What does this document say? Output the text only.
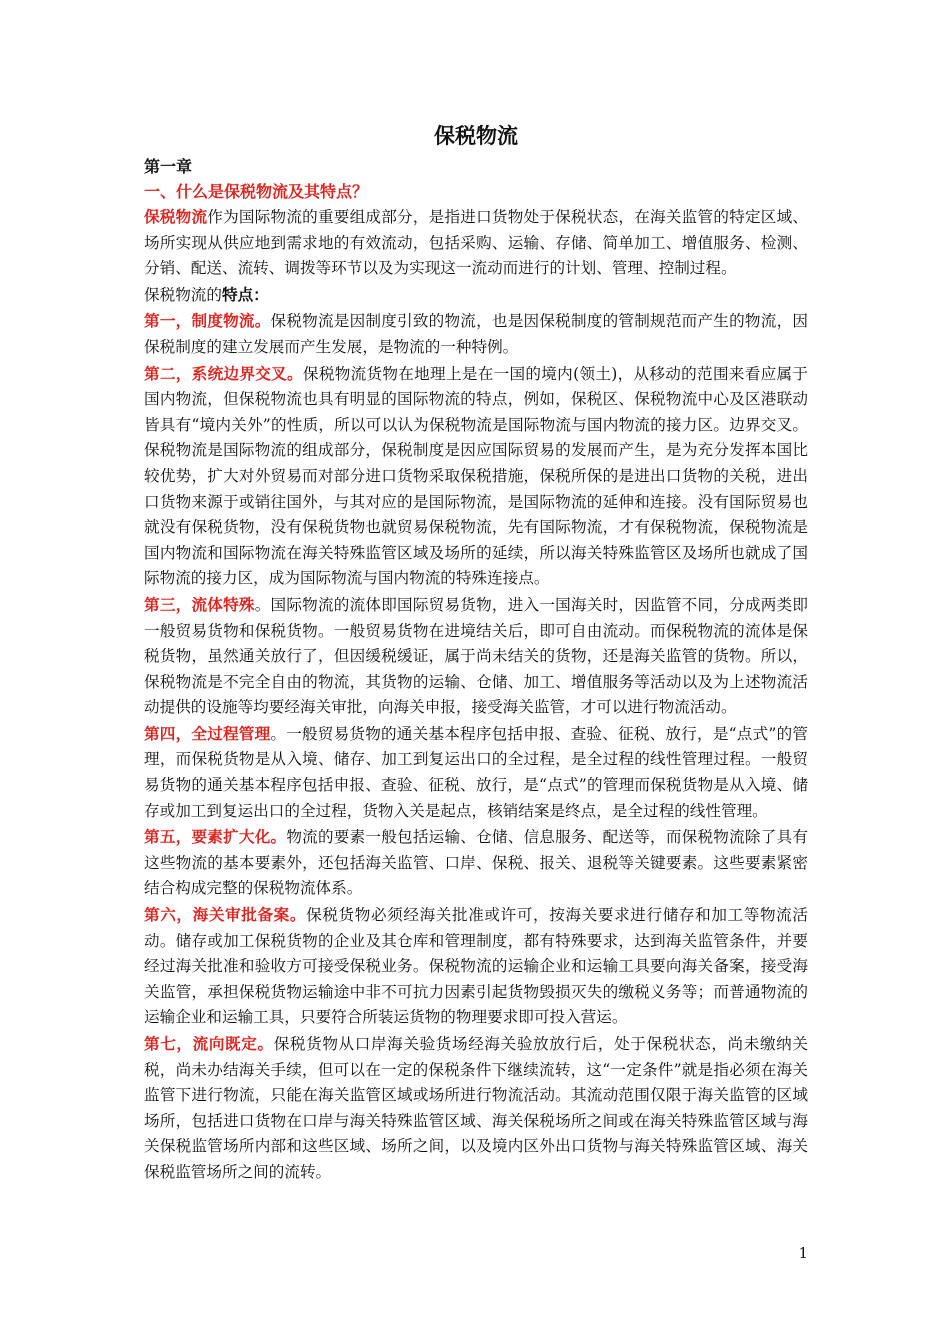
保税物流
第一章
一、什么是保税物流及其特点？

保税物流作为国际物流的重要组成部分，是指进口货物处于保税状态，在海关监管的特定区域、场所实现从供应地到需求地的有效流动，包括采购、运输、存储、简单加工、增值服务、检测、分销、配送、流转、调拨等环节以及为实现这一流动而进行的计划、管理、控制过程。

保税物流的特点：

第一，制度物流。保税物流是因制度引致的物流，也是因保税制度的管制规范而产生的物流，因保税制度的建立发展而产生发展，是物流的一种特例。

第二，系统边界交叉。保税物流货物在地理上是在一国的境内(领土)，从移动的范围来看应属于国内物流，但保税物流也具有明显的国际物流的特点，例如，保税区、保税物流中心及区港联动皆具有“境内关外”的性质，所以可以认为保税物流是国际物流与国内物流的接力区。边界交叉。保税物流是国际物流的组成部分，保税制度是因应国际贸易的发展而产生，是为充分发挥本国比较优势，扩大对外贸易而对部分进口货物采取保税措施，保税所保的是进出口货物的关税，进出口货物来源于或销往国外，与其对应的是国际物流，是国际物流的延伸和连接。没有国际贸易也就没有保税货物，没有保税货物也就贸易保税物流，先有国际物流，才有保税物流，保税物流是国内物流和国际物流在海关特殊监管区域及场所的延续，所以海关特殊监管区及场所也就成了国际物流的接力区，成为国际物流与国内物流的特殊连接点。

第三，流体特殊。国际物流的流体即国际贸易货物，进入一国海关时，因监管不同，分成两类即一般贸易货物和保税货物。一般贸易货物在进境结关后，即可自由流动。而保税物流的流体是保税货物，虽然通关放行了，但因缓税缓证，属于尚未结关的货物，还是海关监管的货物。所以，保税物流是不完全自由的物流，其货物的运输、仓储、加工、增值服务等活动以及为上述物流活动提供的设施等均要经海关审批，向海关申报，接受海关监管，才可以进行物流活动。

第四，全过程管理。一般贸易货物的通关基本程序包括申报、查验、征税、放行，是“点式”的管理，而保税货物是从入境、储存、加工到复运出口的全过程，是全过程的线性管理过程。一般贸易货物的通关基本程序包括申报、查验、征税、放行，是“点式”的管理而保税货物是从入境、储存或加工到复运出口的全过程，货物入关是起点，核销结案是终点，是全过程的线性管理。

第五，要素扩大化。物流的要素一般包括运输、仓储、信息服务、配送等，而保税物流除了具有这些物流的基本要素外，还包括海关监管、口岸、保税、报关、退税等关键要素。这些要素紧密结合构成完整的保税物流体系。

第六，海关审批备案。保税货物必须经海关批准或许可，按海关要求进行储存和加工等物流活动。储存或加工保税货物的企业及其仓库和管理制度，都有特殊要求，达到海关监管条件，并要经过海关批准和验收方可接受保税业务。保税物流的运输企业和运输工具要向海关备案，接受海关监管，承担保税货物运输途中非不可抗力因素引起货物毁损灭失的缴税义务等；而普通物流的运输企业和运输工具，只要符合所装运货物的物理要求即可投入营运。

第七，流向既定。保税货物从口岸海关验货场经海关验放放行后，处于保税状态，尚未缴纳关税，尚未办结海关手续，但可以在一定的保税条件下继续流转，这“一定条件”就是指必须在海关监管下进行物流，只能在海关监管区域或场所进行物流活动。其流动范围仅限于海关监管的区域场所，包括进口货物在口岸与海关特殊监管区域、海关保税场所之间或在海关特殊监管区域与海关保税监管场所内部和这些区域、场所之间，以及境内区外出口货物与海关特殊监管区域、海关保税监管场所之间的流转。

1
